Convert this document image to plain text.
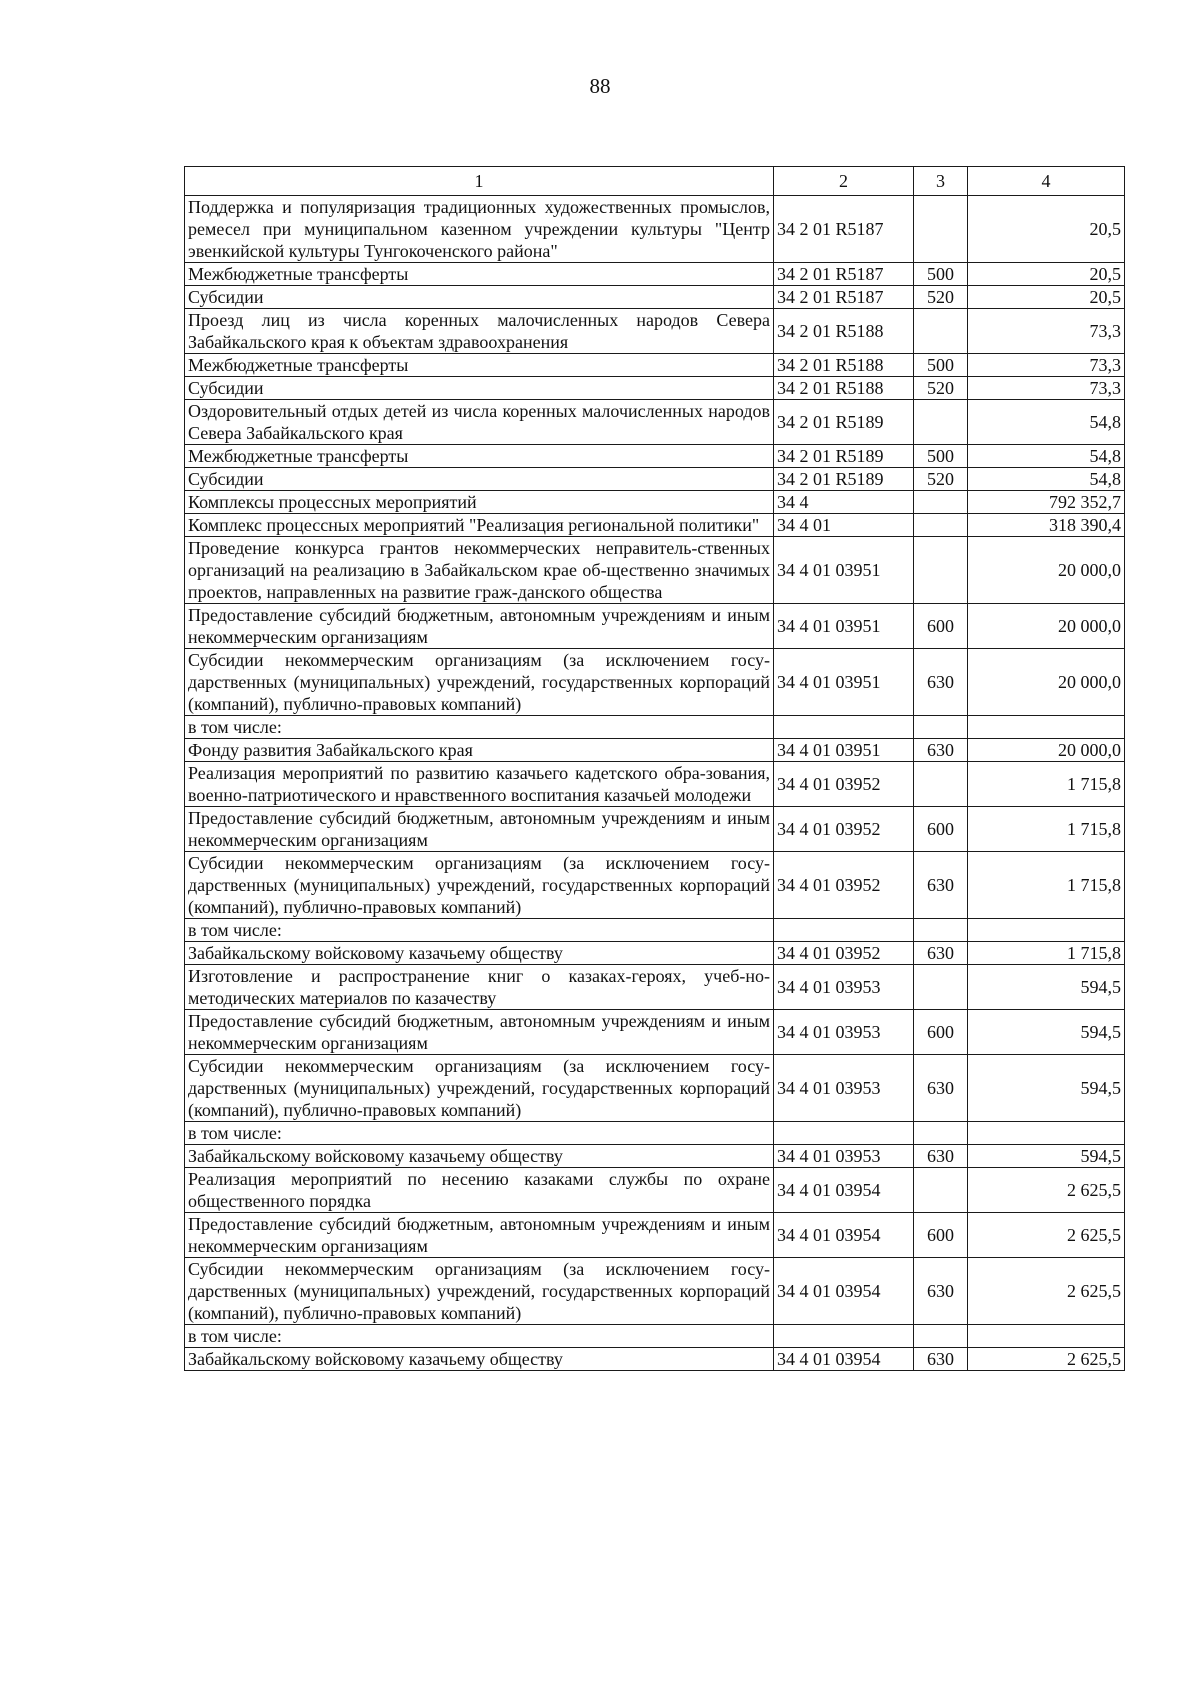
88
1	2	3	4
Поддержка и популяризация традиционных художественных промыслов, ремесел при муниципальном казенном учреждении культуры "Центр эвенкийской культуры Тунгокоченского района"	34 2 01 R5187		20,5
Межбюджетные трансферты	34 2 01 R5187	500	20,5
Субсидии	34 2 01 R5187	520	20,5
Проезд лиц из числа коренных малочисленных народов Севера Забайкальского края к объектам здравоохранения	34 2 01 R5188		73,3
Межбюджетные трансферты	34 2 01 R5188	500	73,3
Субсидии	34 2 01 R5188	520	73,3
Оздоровительный отдых детей из числа коренных малочисленных народов Севера Забайкальского края	34 2 01 R5189		54,8
Межбюджетные трансферты	34 2 01 R5189	500	54,8
Субсидии	34 2 01 R5189	520	54,8
Комплексы процессных мероприятий	34 4		792 352,7
Комплекс процессных мероприятий "Реализация региональной политики"	34 4 01		318 390,4
Проведение конкурса грантов некоммерческих неправитель-ственных организаций на реализацию в Забайкальском крае об-щественно значимых проектов, направленных на развитие граж-данского общества	34 4 01 03951		20 000,0
Предоставление субсидий бюджетным, автономным учреждениям и иным некоммерческим организациям	34 4 01 03951	600	20 000,0
Субсидии некоммерческим организациям (за исключением госу-дарственных (муниципальных) учреждений, государственных корпораций (компаний), публично-правовых компаний)	34 4 01 03951	630	20 000,0
в том числе:			
Фонду развития Забайкальского края	34 4 01 03951	630	20 000,0
Реализация мероприятий по развитию казачьего кадетского обра-зования, военно-патриотического и нравственного воспитания казачьей молодежи	34 4 01 03952		1 715,8
Предоставление субсидий бюджетным, автономным учреждениям и иным некоммерческим организациям	34 4 01 03952	600	1 715,8
Субсидии некоммерческим организациям (за исключением госу-дарственных (муниципальных) учреждений, государственных корпораций (компаний), публично-правовых компаний)	34 4 01 03952	630	1 715,8
в том числе:			
Забайкальскому войсковому казачьему обществу	34 4 01 03952	630	1 715,8
Изготовление и распространение книг о казаках-героях, учеб-но-методических материалов по казачеству	34 4 01 03953		594,5
Предоставление субсидий бюджетным, автономным учреждениям и иным некоммерческим организациям	34 4 01 03953	600	594,5
Субсидии некоммерческим организациям (за исключением госу-дарственных (муниципальных) учреждений, государственных корпораций (компаний), публично-правовых компаний)	34 4 01 03953	630	594,5
в том числе:			
Забайкальскому войсковому казачьему обществу	34 4 01 03953	630	594,5
Реализация мероприятий по несению казаками службы по охране общественного порядка	34 4 01 03954		2 625,5
Предоставление субсидий бюджетным, автономным учреждениям и иным некоммерческим организациям	34 4 01 03954	600	2 625,5
Субсидии некоммерческим организациям (за исключением госу-дарственных (муниципальных) учреждений, государственных корпораций (компаний), публично-правовых компаний)	34 4 01 03954	630	2 625,5
в том числе:			
Забайкальскому войсковому казачьему обществу	34 4 01 03954	630	2 625,5
